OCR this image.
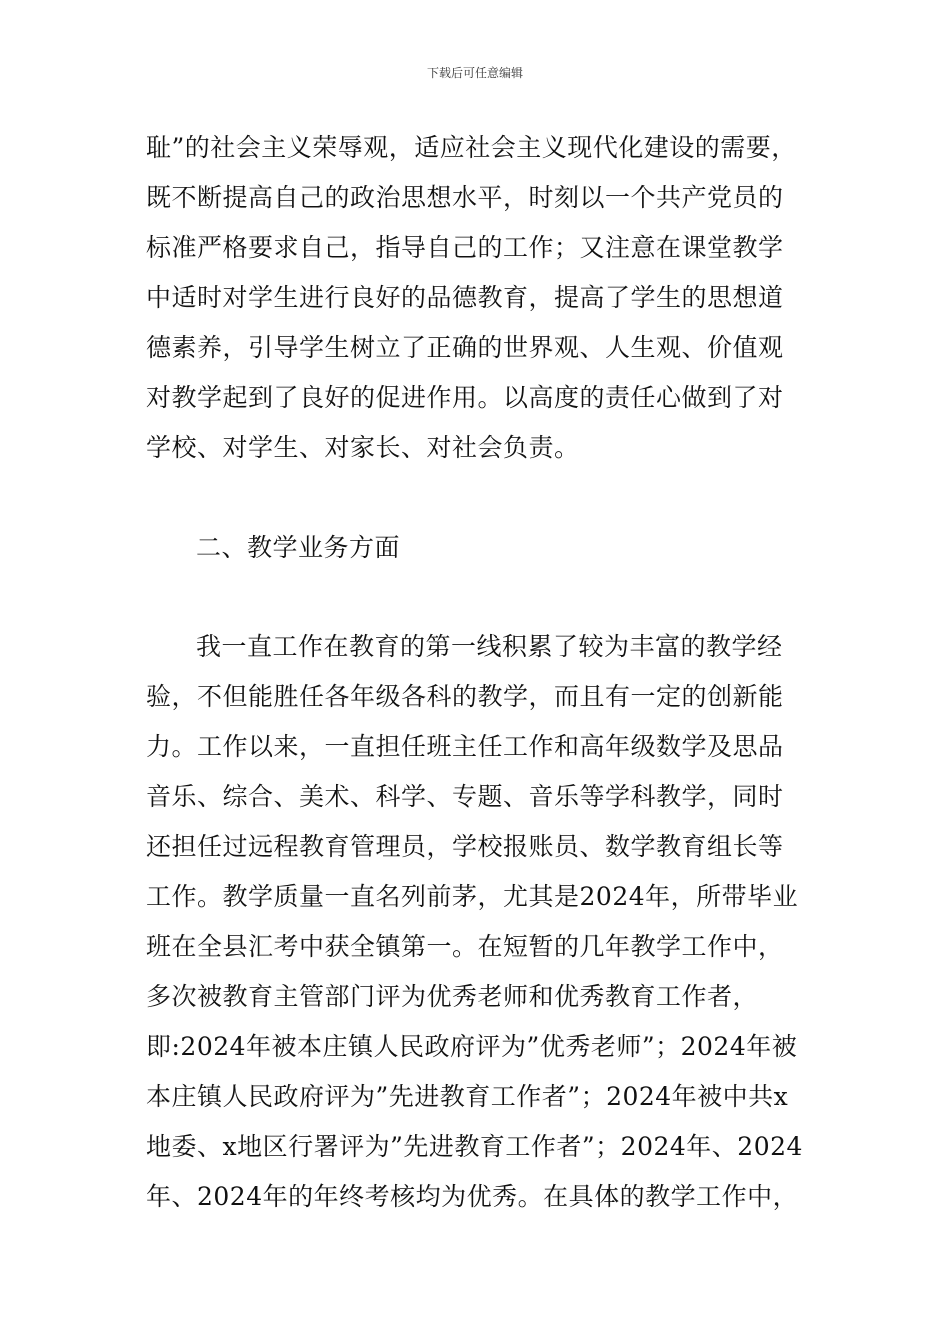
下载后可任意编辑
耻”的社会主义荣辱观，适应社会主义现代化建设的需要，
既不断提高自己的政治思想水平，时刻以一个共产党员的
标准严格要求自己，指导自己的工作；又注意在课堂教学
中适时对学生进行良好的品德教育，提高了学生的思想道
德素养，引导学生树立了正确的世界观、人生观、价值观
对教学起到了良好的促进作用。以高度的责任心做到了对
学校、对学生、对家长、对社会负责。
二、教学业务方面
我一直工作在教育的第一线积累了较为丰富的教学经
验，不但能胜任各年级各科的教学，而且有一定的创新能
力。工作以来，一直担任班主任工作和高年级数学及思品
音乐、综合、美术、科学、专题、音乐等学科教学，同时
还担任过远程教育管理员，学校报账员、数学教育组长等
工作。教学质量一直名列前茅，尤其是2024年，所带毕业
班在全县汇考中获全镇第一。在短暂的几年教学工作中，
多次被教育主管部门评为优秀老师和优秀教育工作者，
即:2024年被本庄镇人民政府评为”优秀老师”；2024年被
本庄镇人民政府评为”先进教育工作者”；2024年被中共x
地委、x地区行署评为”先进教育工作者”；2024年、2024
年、2024年的年终考核均为优秀。在具体的教学工作中，
